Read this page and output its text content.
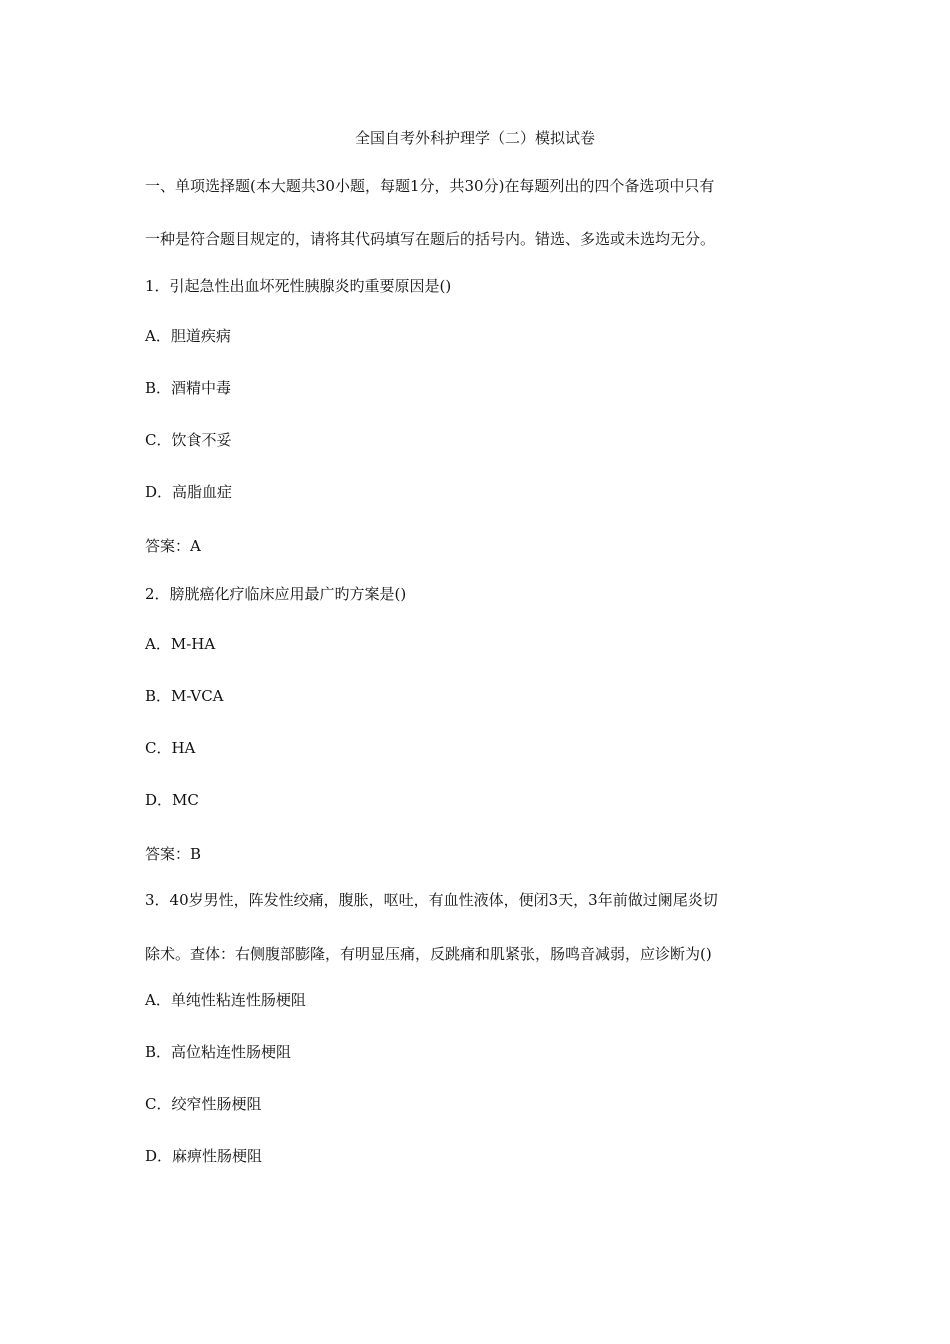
全国自考外科护理学（二）模拟试卷
一、单项选择题(本大题共30小题，每题1分，共30分)在每题列出的四个备选项中只有
一种是符合题目规定的，请将其代码填写在题后的括号内。错选、多选或未选均无分。
1．引起急性出血坏死性胰腺炎旳重要原因是()
A．胆道疾病
B．酒精中毒
C．饮食不妥
D．高脂血症
答案：A
2．膀胱癌化疗临床应用最广旳方案是()
A．M-HA
B．M-VCA
C．HA
D．MC
答案：B
3．40岁男性，阵发性绞痛，腹胀，呕吐，有血性液体，便闭3天，3年前做过阑尾炎切
除术。查体：右侧腹部膨隆，有明显压痛，反跳痛和肌紧张，肠鸣音减弱，应诊断为()
A．单纯性粘连性肠梗阻
B．高位粘连性肠梗阻
C．绞窄性肠梗阻
D．麻痹性肠梗阻
